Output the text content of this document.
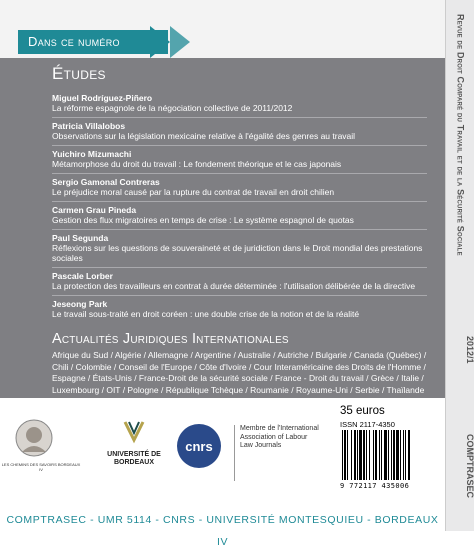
Dans ce numéro
Études
Miguel Rodríguez-Piñero
La réforme espagnole de la négociation collective de 2011/2012
Patricia Villalobos
Observations sur la législation mexicaine relative à l'égalité des genres au travail
Yuichiro Mizumachi
Métamorphose du droit du travail : Le fondement théorique et le cas japonais
Sergio Gamonal Contreras
Le préjudice moral causé par la rupture du contrat de travail en droit chilien
Carmen Grau Pineda
Gestion des flux migratoires en temps de crise : Le système espagnol de quotas
Paul Segunda
Réflexions sur les questions de souveraineté et de juridiction dans le Droit mondial des prestations sociales
Pascale Lorber
La protection des travailleurs en contrat à durée déterminée : l'utilisation délibérée de la directive
Jeseong Park
Le travail sous-traité en droit coréen : une double crise de la notion et de la réalité
Actualités Juridiques Internationales
Afrique du Sud / Algérie / Allemagne / Argentine / Australie / Autriche / Bulgarie / Canada (Québec) / Chili / Colombie / Conseil de l'Europe / Côte d'Ivoire / Cour Interaméricaine des Droits de l'Homme / Espagne / États-Unis / France-Droit de la sécurité sociale / France - Droit du travail / Grèce / Italie / Luxembourg / OIT / Pologne / République Tchèque / Roumanie / Royaume-Uni / Serbie / Thaïlande / Turquie / Union Européenne - Droit de la sécurité sociale / Union Européenne - Droit du travail
Revue de Droit Comparé du Travail et de la Sécurité Sociale
2012/1
COMPTRASEC
LES CHEMINS DES SAVOIRS BORDEAUX IV
UNIVERSITÉ DE BORDEAUX
cnrs
Membre de l'International Association of Labour Law Journals
35 euros
ISSN 2117-4350
9 772117 435006
COMPTRASEC - UMR 5114 - CNRS - UNIVERSITÉ MONTESQUIEU - BORDEAUX IV
